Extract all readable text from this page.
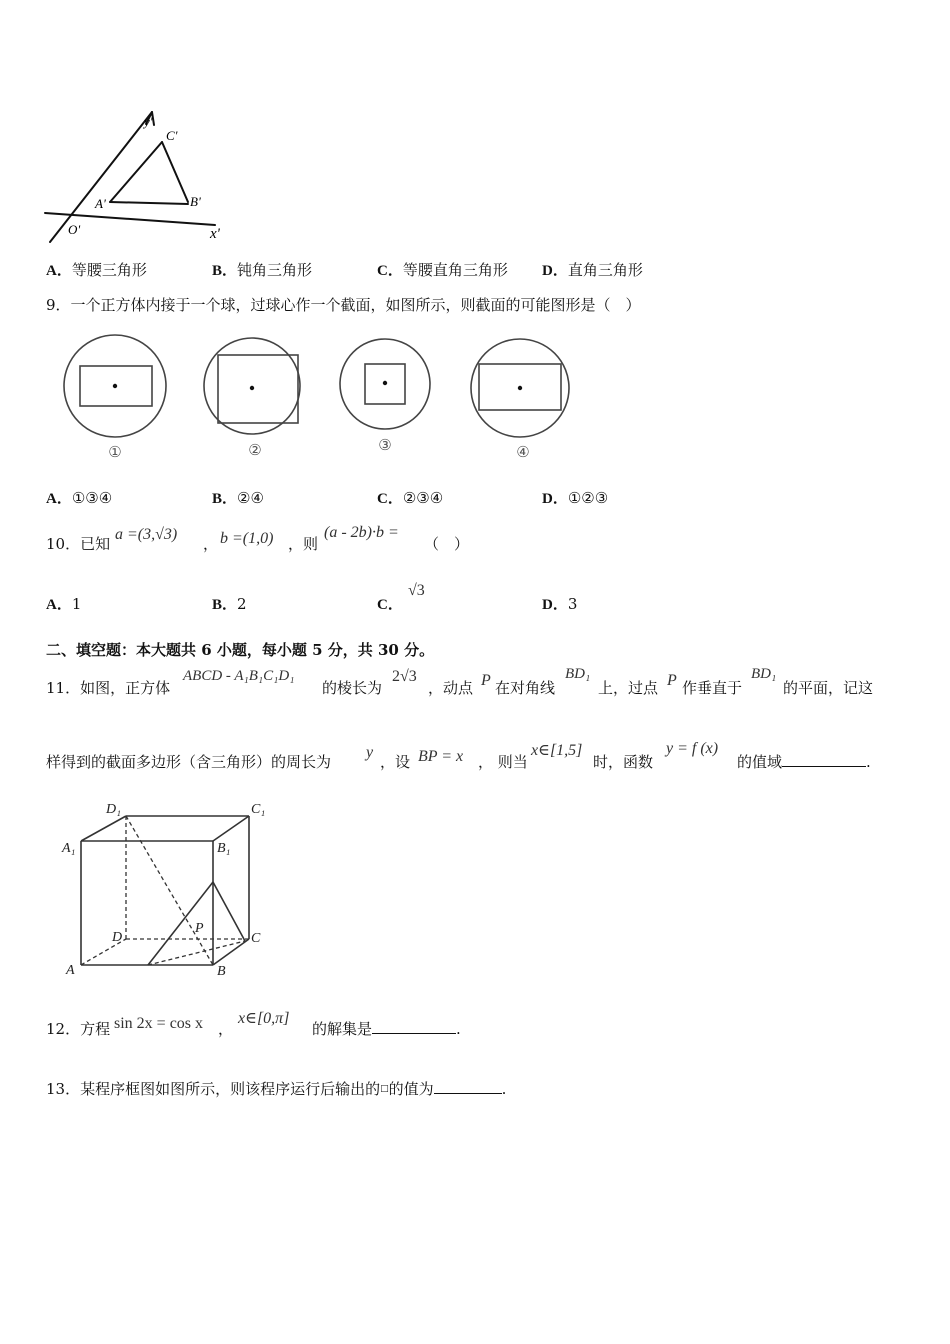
C'
A'	B'
O'	x'
y'
A．等腰三角形	B．钝角三角形	C．等腰直角三角形 D．直角三角形
9．一个正方体内接于一个球，过球心作一个截面，如图所示，则截面的可能图形是（　）
①	②	③	④
A．①③④	B．②④	C．②③④	D．①②③
10．已知
a =(3,√3)
， b =(1,0) ，则
(a - 2b)·b =
（　）
A．1	B．2	C．
√3
D．3
二、填空题：本大题共 6 小题，每小题 5 分，共 30 分。
11．如图，正方体
ABCD - A₁B₁C₁D₁
的棱长为
2√3
，动点 P 在对角线
BD₁
上，过点 P 作垂直于
BD₁
的平面，记这
样得到的截面多边形（含三角形）的周长为
y
，设 BP = x ， 则当
x∈[1,5]
时，函数
y = f (x)
的值域	.
D₁	C₁
A₁	B₁
D	C
A	B
P
12．方程 sin 2x = cos x ，
x∈[0,π]
的解集是	.
13．某程序框图如图所示，则该程序运行后输出的□的值为	.
